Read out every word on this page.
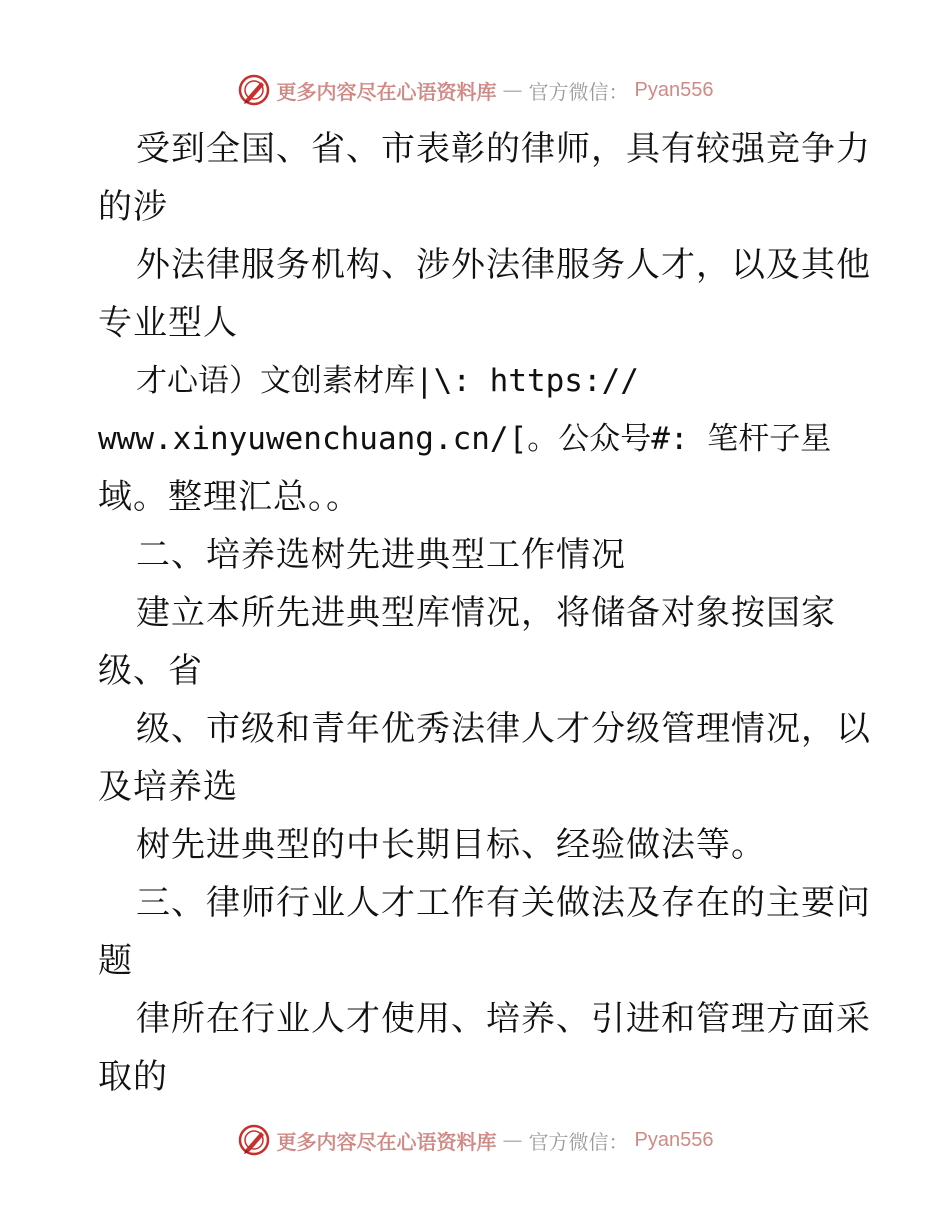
更多内容尽在心语资料库 — 官方微信： Pyan556
受到全国、省、市表彰的律师，具有较强竞争力
的涉
外法律服务机构、涉外法律服务人才，以及其他
专业型人
才心语）文创素材库|\: https://
www.xinyuwenchuang.cn/[。公众号#: 笔杆子星
域。整理汇总。。
二、培养选树先进典型工作情况
建立本所先进典型库情况，将储备对象按国家
级、省
级、市级和青年优秀法律人才分级管理情况，以
及培养选
树先进典型的中长期目标、经验做法等。
三、律师行业人才工作有关做法及存在的主要问
题
律所在行业人才使用、培养、引进和管理方面采
取的
更多内容尽在心语资料库 — 官方微信： Pyan556
